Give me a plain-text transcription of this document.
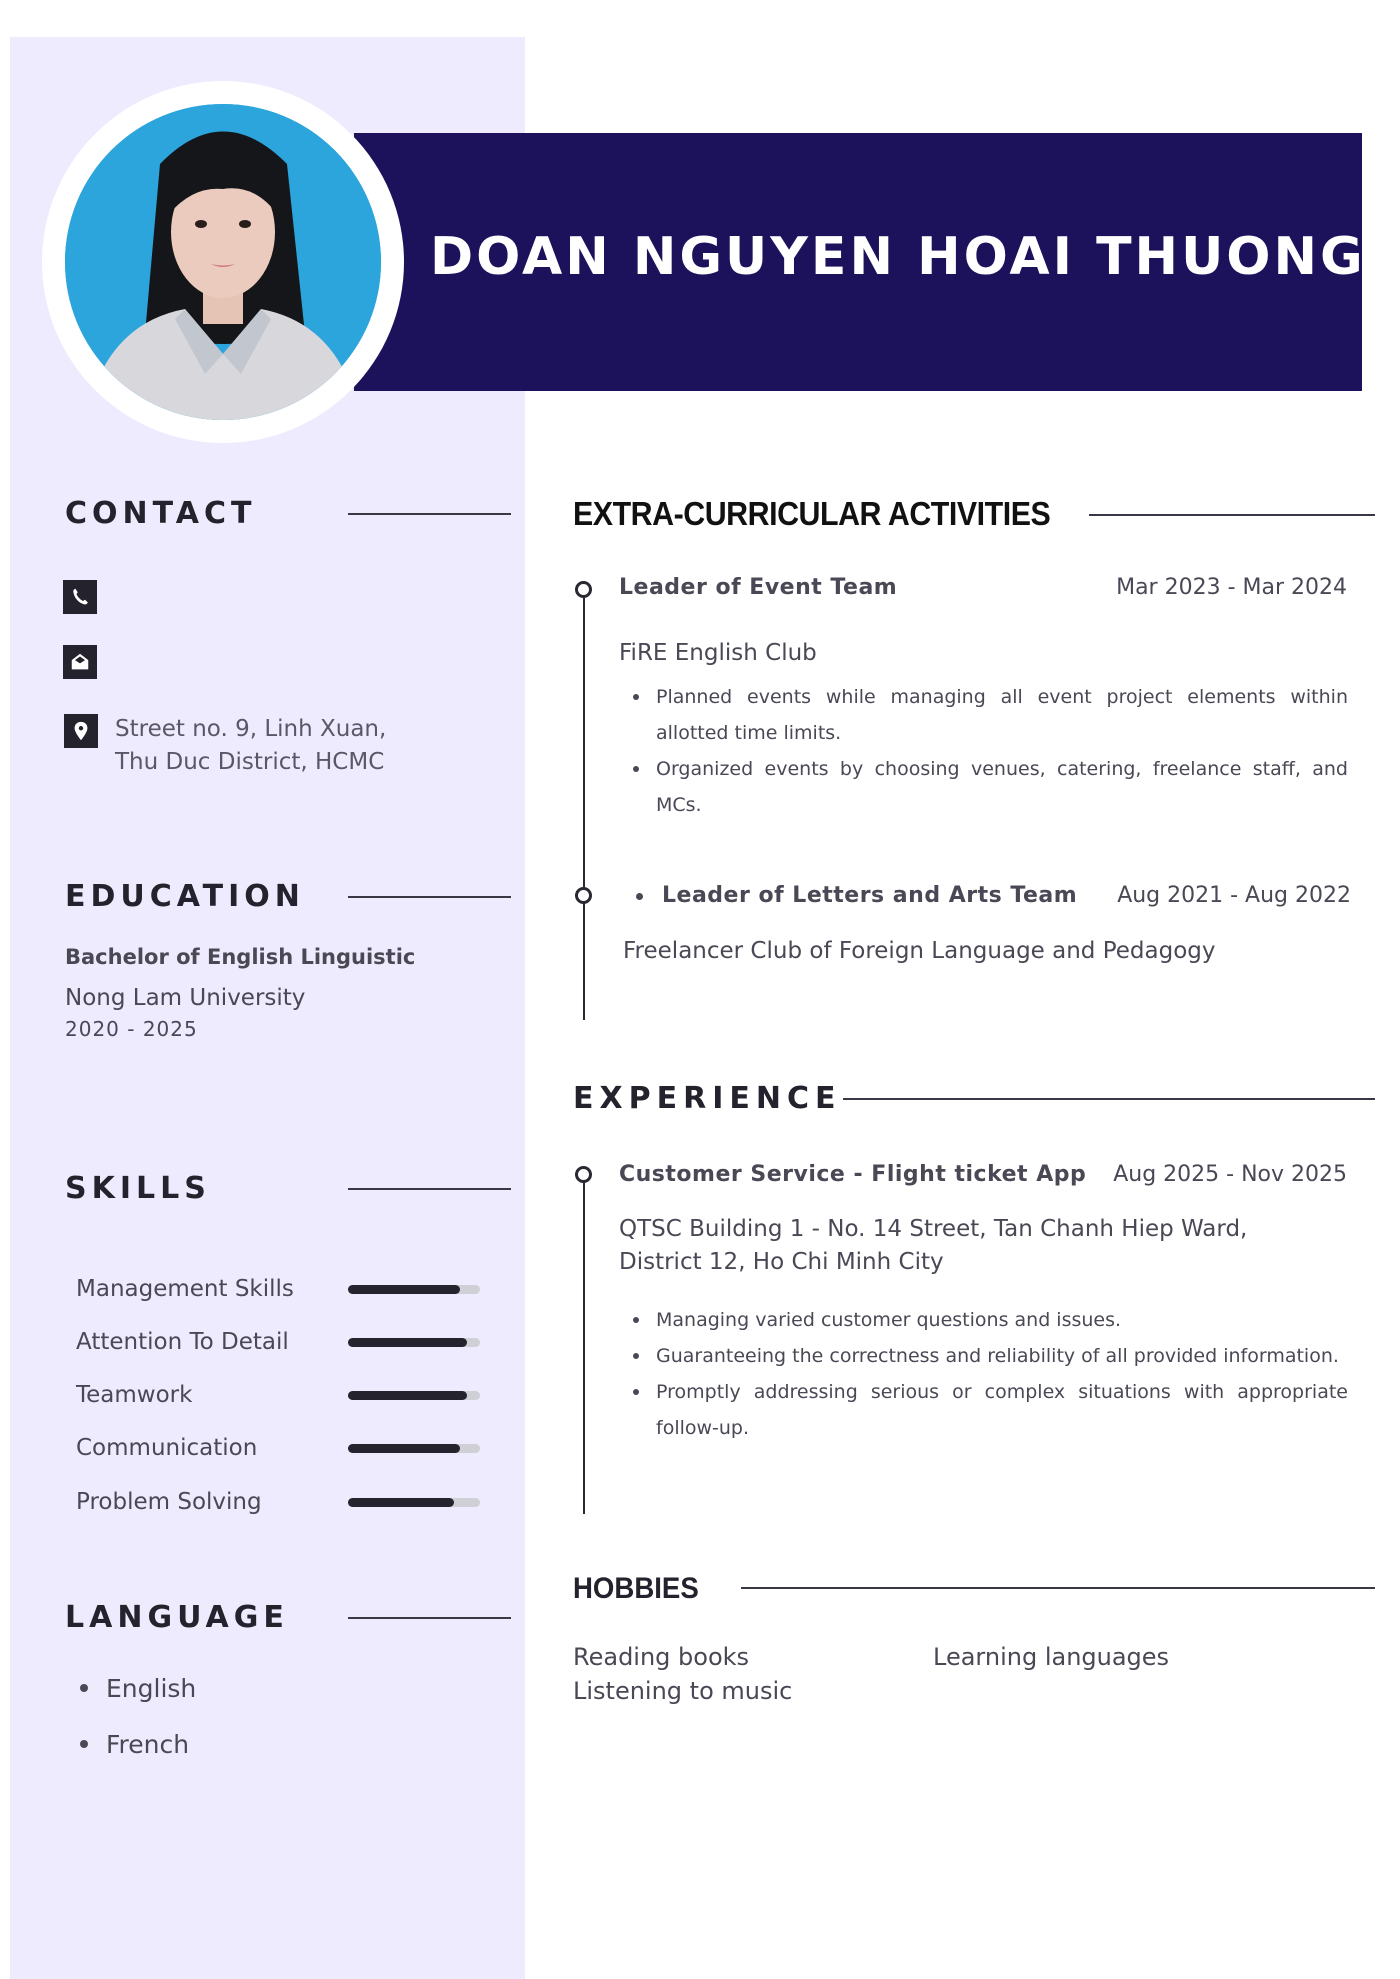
DOAN NGUYEN HOAI THUONG
CONTACT
Street no. 9, Linh Xuan,
Thu Duc District, HCMC
EDUCATION
Bachelor of English Linguistic
Nong Lam University
2020 - 2025
SKILLS
Management Skills
Attention To Detail
Teamwork
Communication
Problem Solving
LANGUAGE
English
French
EXTRA-CURRICULAR ACTIVITIES
Leader of Event Team	Mar 2023 - Mar 2024
FiRE English Club
Planned events while managing all event project elements within allotted time limits.
Organized events by choosing venues, catering, freelance staff, and MCs.
Leader of Letters and Arts Team Aug 2021 - Aug 2022
Freelancer Club of Foreign Language and Pedagogy
EXPERIENCE
Customer Service - Flight ticket App Aug 2025 - Nov 2025
QTSC Building 1 - No. 14 Street, Tan Chanh Hiep Ward,
District 12, Ho Chi Minh City
Managing varied customer questions and issues.
Guaranteeing the correctness and reliability of all provided information.
Promptly addressing serious or complex situations with appropriate follow-up.
HOBBIES
Reading books	Learning languages
Listening to music
